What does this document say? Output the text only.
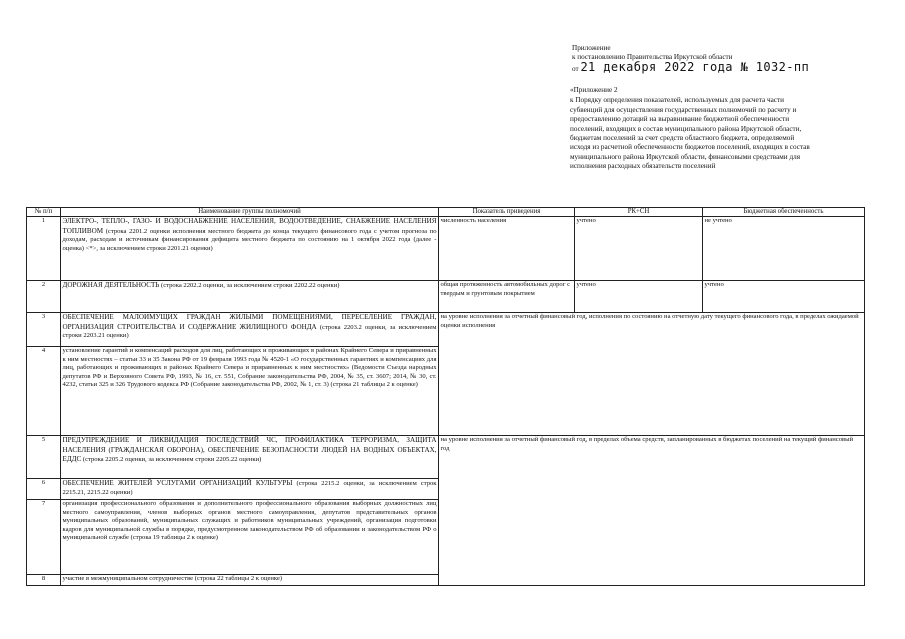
Приложение
к постановлению Правительства Иркутской области
от 21 декабря 2022 года № 1032-пп
«Приложение 2
к Порядку определения показателей, используемых для расчета части
субвенций для осуществления государственных полномочий по расчету и
предоставлению дотаций на выравнивание бюджетной обеспеченности
поселений, входящих в состав муниципального района Иркутской области,
бюджетам поселений за счет средств областного бюджета, определяемой
исходя из расчетной обеспеченности бюджетов поселений, входящих в состав
муниципального района Иркутской области, финансовыми средствами для
исполнения расходных обязательств поселений
№ п/п	Наименование группы полномочий	Показатель приведения	РК+СН	Бюджетная обеспеченность
1	ЭЛЕКТРО-, ТЕПЛО-, ГАЗО- И ВОДОСНАБЖЕНИЕ НАСЕЛЕНИЯ, ВОДООТВЕДЕНИЕ, СНАБЖЕНИЕ НАСЕЛЕНИЯ ТОПЛИВОМ (строка 2201.2 оценки исполнения местного бюджета до конца текущего финансового года с учетом прогноза по доходам, расходам и источникам финансирования дефицита местного бюджета по состоянию на 1 октября 2022 года (далее - оценка) <*>, за исключением строки 2201.21 оценки)	численность населения	учтено	не учтено
2	ДОРОЖНАЯ ДЕЯТЕЛЬНОСТЬ (строка 2202.2 оценки, за исключением строки 2202.22 оценки)	общая протяженность автомобильных дорог с твердым и грунтовым покрытием	учтено	учтено
3	ОБЕСПЕЧЕНИЕ МАЛОИМУЩИХ ГРАЖДАН ЖИЛЫМИ ПОМЕЩЕНИЯМИ, ПЕРЕСЕЛЕНИЕ ГРАЖДАН, ОРГАНИЗАЦИЯ СТРОИТЕЛЬСТВА И СОДЕРЖАНИЕ ЖИЛИЩНОГО ФОНДА (строка 2203.2 оценки, за исключением строки 2203.21 оценки)	на уровне исполнения за отчетный финансовый год, исполнения по состоянию на отчетную дату текущего финансового года, в пределах ожидаемой оценки исполнения		
4	установление гарантий и компенсаций расходов для лиц, работающих и проживающих в районах Крайнего Севера и приравненных к ним местностях – статьи 33 и 35 Закона РФ от 19 февраля 1993 года № 4520-1 «О государственных гарантиях и компенсациях для лиц, работающих и проживающих в районах Крайнего Севера и приравненных к ним местностях» (Ведомости Съезда народных депутатов РФ и Верховного Совета РФ, 1993, № 16, ст. 551, Собрание законодательства РФ, 2004, № 35, ст. 3607; 2014, № 30, ст. 4232, статьи 325 и 326 Трудового кодекса РФ (Собрание законодательства РФ, 2002, № 1, ст. 3) (строка 21 таблицы 2 к оценке)			
5	ПРЕДУПРЕЖДЕНИЕ И ЛИКВИДАЦИЯ ПОСЛЕДСТВИЙ ЧС, ПРОФИЛАКТИКА ТЕРРОРИЗМА, ЗАЩИТА НАСЕЛЕНИЯ (ГРАЖДАНСКАЯ ОБОРОНА), ОБЕСПЕЧЕНИЕ БЕЗОПАСНОСТИ ЛЮДЕЙ НА ВОДНЫХ ОБЪЕКТАХ, ЕДДС (строка 2205.2 оценки, за исключением строки 2205.22 оценки)	на уровне исполнения за отчетный финансовый год, в пределах объема средств, запланированных в бюджетах поселений на текущий финансовый год		
6	ОБЕСПЕЧЕНИЕ ЖИТЕЛЕЙ УСЛУГАМИ ОРГАНИЗАЦИЙ КУЛЬТУРЫ (строка 2215.2 оценки, за исключением строк 2215.21, 2215.22 оценки)			
7	организация профессионального образования и дополнительного профессионального образования выборных должностных лиц местного самоуправления, членов выборных органов местного самоуправления, депутатов представительных органов муниципальных образований, муниципальных служащих и работников муниципальных учреждений, организация подготовки кадров для муниципальной службы в порядке, предусмотренном законодательством РФ об образовании и законодательством РФ о муниципальной службе (строка 19 таблицы 2 к оценке)			
8	участие в межмуниципальном сотрудничестве (строка 22 таблицы 2 к оценке)			
